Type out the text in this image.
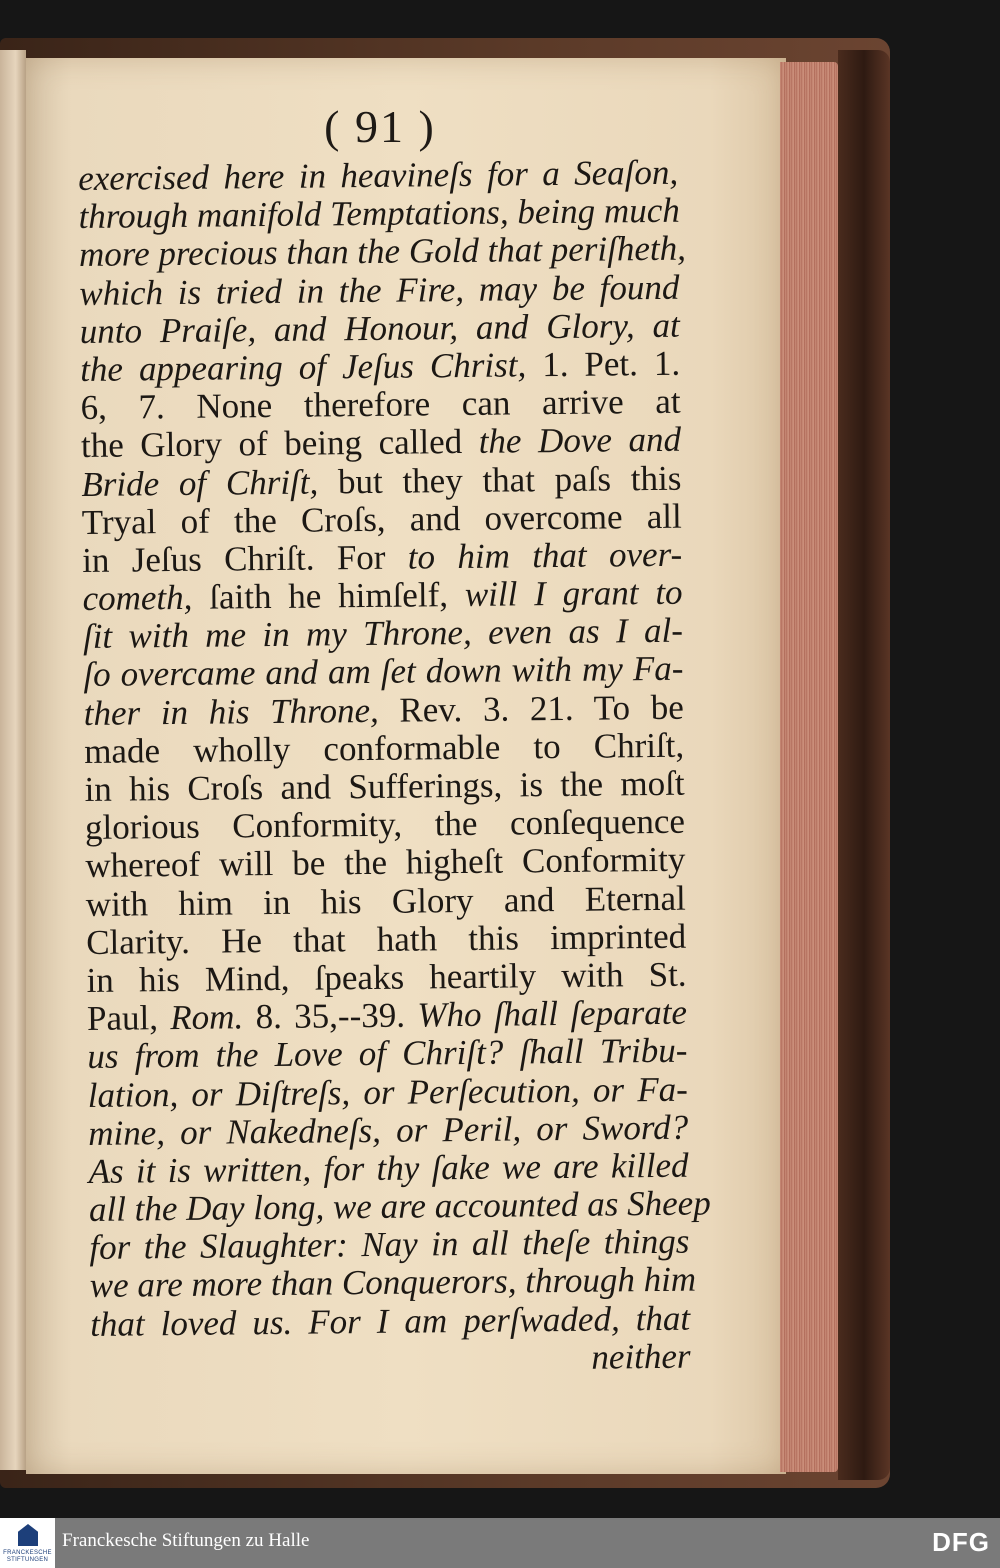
( 91 )
exercised here in heavineſs for a Seaſon,
through manifold Temptations, being much
more precious than the Gold that periſheth,
which is tried in the Fire, may be found
unto Praiſe, and Honour, and Glory, at
the appearing of Jeſus Christ, 1. Pet. 1.
6, 7. None therefore can arrive at
the Glory of being called the Dove and
Bride of Chriſt, but they that paſs this
Tryal of the Croſs, and overcome all
in Jeſus Chriſt. For to him that over-
cometh, ſaith he himſelf, will I grant to
ſit with me in my Throne, even as I al-
ſo overcame and am ſet down with my Fa-
ther in his Throne, Rev. 3. 21. To be
made wholly conformable to Chriſt,
in his Croſs and Sufferings, is the moſt
glorious Conformity, the conſequence
whereof will be the higheſt Conformity
with him in his Glory and Eternal
Clarity. He that hath this imprinted
in his Mind, ſpeaks heartily with St.
Paul, Rom. 8. 35,--39. Who ſhall ſeparate
us from the Love of Chriſt? ſhall Tribu-
lation, or Diſtreſs, or Perſecution, or Fa-
mine, or Nakedneſs, or Peril, or Sword?
As it is written, for thy ſake we are killed
all the Day long, we are accounted as Sheep
for the Slaughter: Nay in all theſe things
we are more than Conquerors, through him
that loved us. For I am perſwaded, that
neither
FRANCKESCHE STIFTUNGEN
Franckesche Stiftungen zu Halle	DFG
